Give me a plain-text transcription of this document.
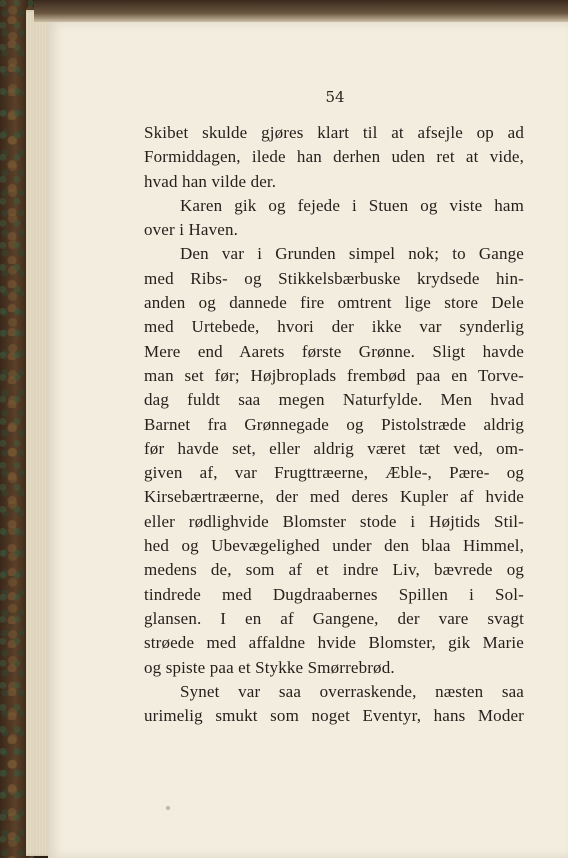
54

Skibet skulde gjøres klart til at afsejle op ad
Formiddagen, ilede han derhen uden ret at vide,
hvad han vilde der.
Karen gik og fejede i Stuen og viste ham
over i Haven.
Den var i Grunden simpel nok; to Gange
med Ribs- og Stikkelsbærbuske krydsede hin-
anden og dannede fire omtrent lige store Dele
med Urtebede, hvori der ikke var synderlig
Mere end Aarets første Grønne. Sligt havde
man set før; Højbroplads frembød paa en Torve-
dag fuldt saa megen Naturfylde. Men hvad
Barnet fra Grønnegade og Pistolstræde aldrig
før havde set, eller aldrig været tæt ved, om-
given af, var Frugttræerne, Æble-, Pære- og
Kirsebærtræerne, der med deres Kupler af hvide
eller rødlighvide Blomster stode i Højtids Stil-
hed og Ubevægelighed under den blaa Himmel,
medens de, som af et indre Liv, bævrede og
tindrede med Dugdraabernes Spillen i Sol-
glansen. I en af Gangene, der vare svagt
strøede med affaldne hvide Blomster, gik Marie
og spiste paa et Stykke Smørrebrød.
Synet var saa overraskende, næsten saa
urimelig smukt som noget Eventyr, hans Moder
